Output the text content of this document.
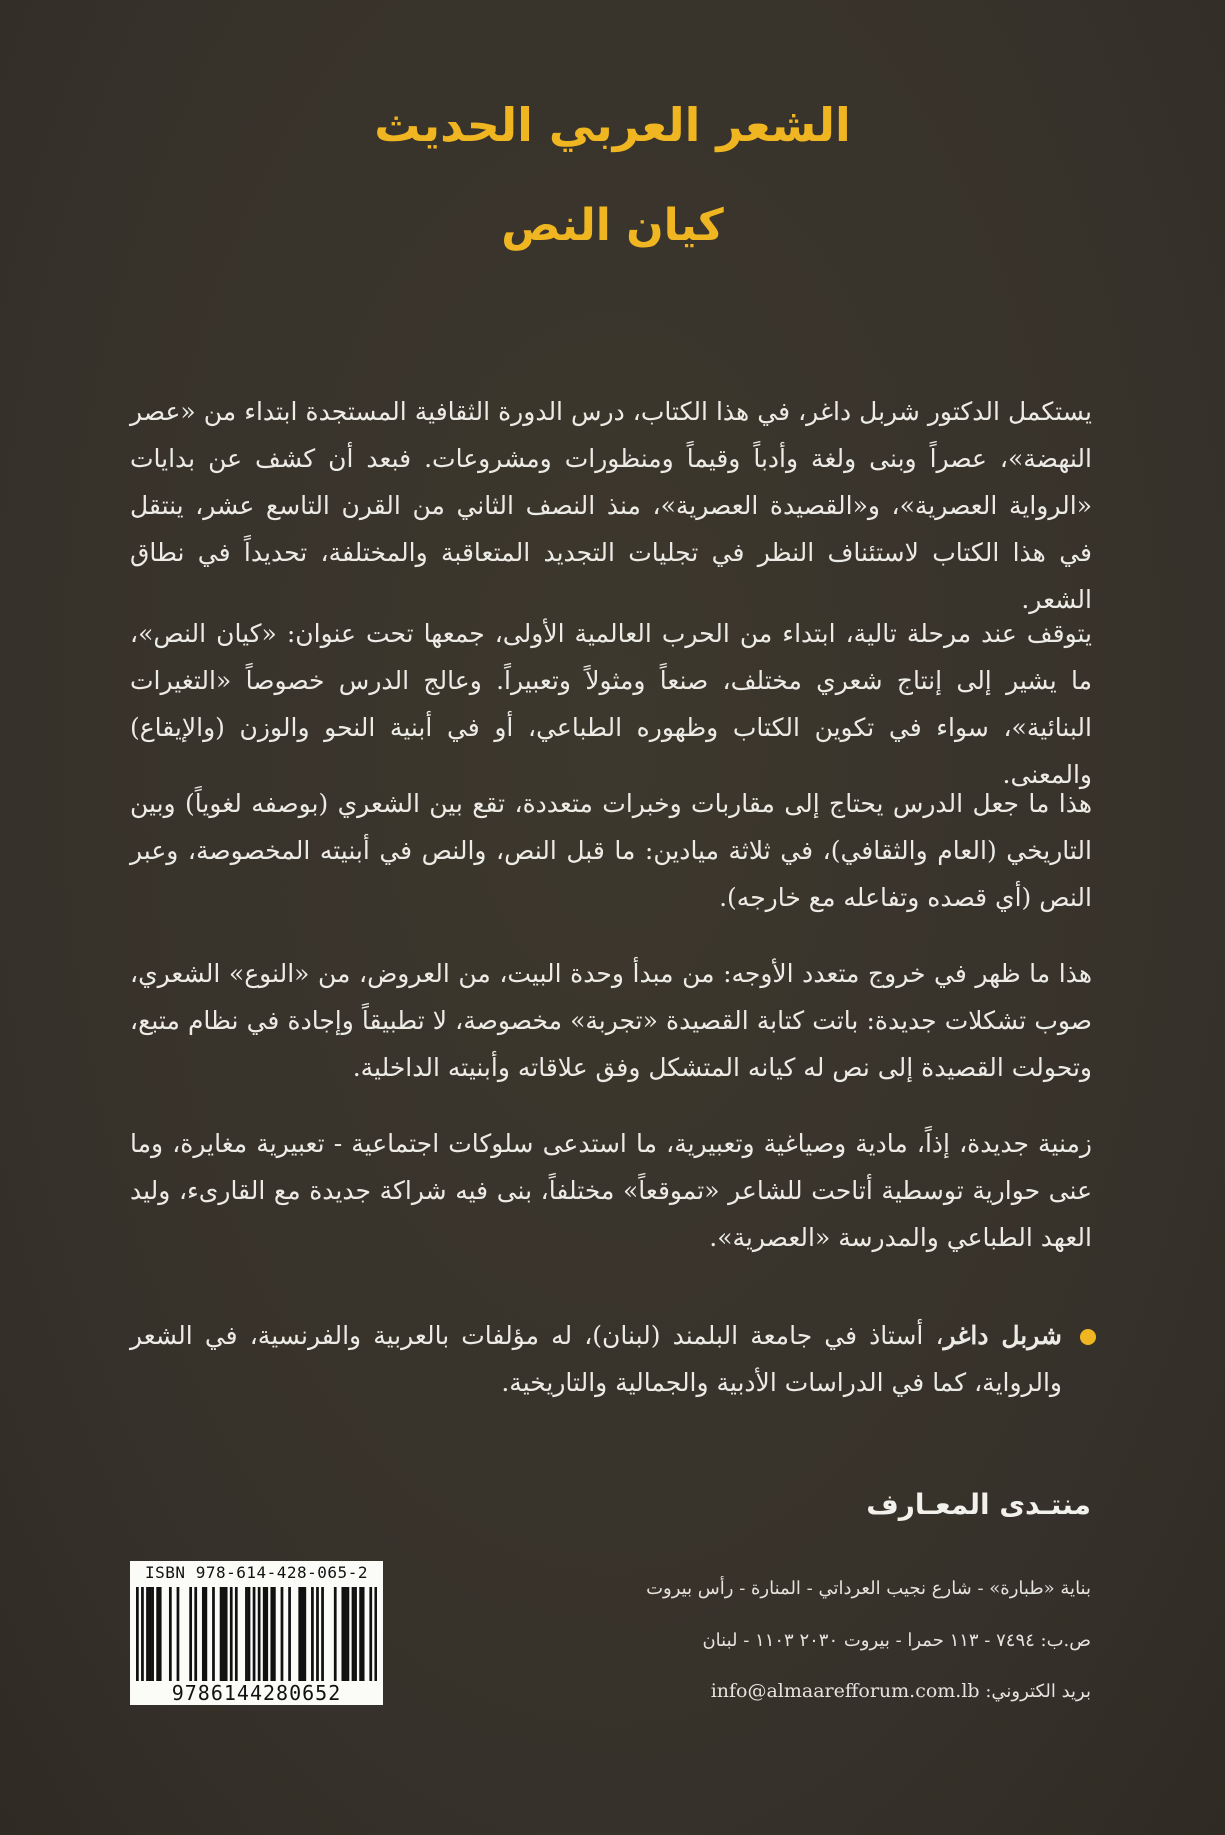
الشعر العربي الحديث
كيان النص

يستكمل الدكتور شربل داغر، في هذا الكتاب، درس الدورة الثقافية المستجدة ابتداء من «عصر النهضة»، عصراً وبنى ولغة وأدباً وقيماً ومنظورات ومشروعات. فبعد أن كشف عن بدايات «الرواية العصرية»، و«القصيدة العصرية»، منذ النصف الثاني من القرن التاسع عشر، ينتقل في هذا الكتاب لاستئناف النظر في تجليات التجديد المتعاقبة والمختلفة، تحديداً في نطاق الشعر.

يتوقف عند مرحلة تالية، ابتداء من الحرب العالمية الأولى، جمعها تحت عنوان: «كيان النص»، ما يشير إلى إنتاج شعري مختلف، صنعاً ومثولاً وتعبيراً. وعالج الدرس خصوصاً «التغيرات البنائية»، سواء في تكوين الكتاب وظهوره الطباعي، أو في أبنية النحو والوزن (والإيقاع) والمعنى.

هذا ما جعل الدرس يحتاج إلى مقاربات وخبرات متعددة، تقع بين الشعري (بوصفه لغوياً) وبين التاريخي (العام والثقافي)، في ثلاثة ميادين: ما قبل النص، والنص في أبنيته المخصوصة، وعبر النص (أي قصده وتفاعله مع خارجه).

هذا ما ظهر في خروج متعدد الأوجه: من مبدأ وحدة البيت، من العروض، من «النوع» الشعري، صوب تشكلات جديدة: باتت كتابة القصيدة «تجربة» مخصوصة، لا تطبيقاً وإجادة في نظام متبع، وتحولت القصيدة إلى نص له كيانه المتشكل وفق علاقاته وأبنيته الداخلية.

زمنية جديدة، إذاً، مادية وصياغية وتعبيرية، ما استدعى سلوكات اجتماعية - تعبيرية مغايرة، وما عنى حوارية توسطية أتاحت للشاعر «تموقعاً» مختلفاً، بنى فيه شراكة جديدة مع القارىء، وليد العهد الطباعي والمدرسة «العصرية».

شربل داغر، أستاذ في جامعة البلمند (لبنان)، له مؤلفات بالعربية والفرنسية، في الشعر والرواية، كما في الدراسات الأدبية والجمالية والتاريخية.

منتـدى المعـارف
بناية «طبارة» - شارع نجيب العرداتي - المنارة - رأس بيروت
ص.ب: ٧٤٩٤ - ١١٣ حمرا - بيروت ٢٠٣٠ ١١٠٣ - لبنان
بريد الكتروني: info@almaarefforum.com.lb
ISBN 978-614-428-065-2
9786144280652
